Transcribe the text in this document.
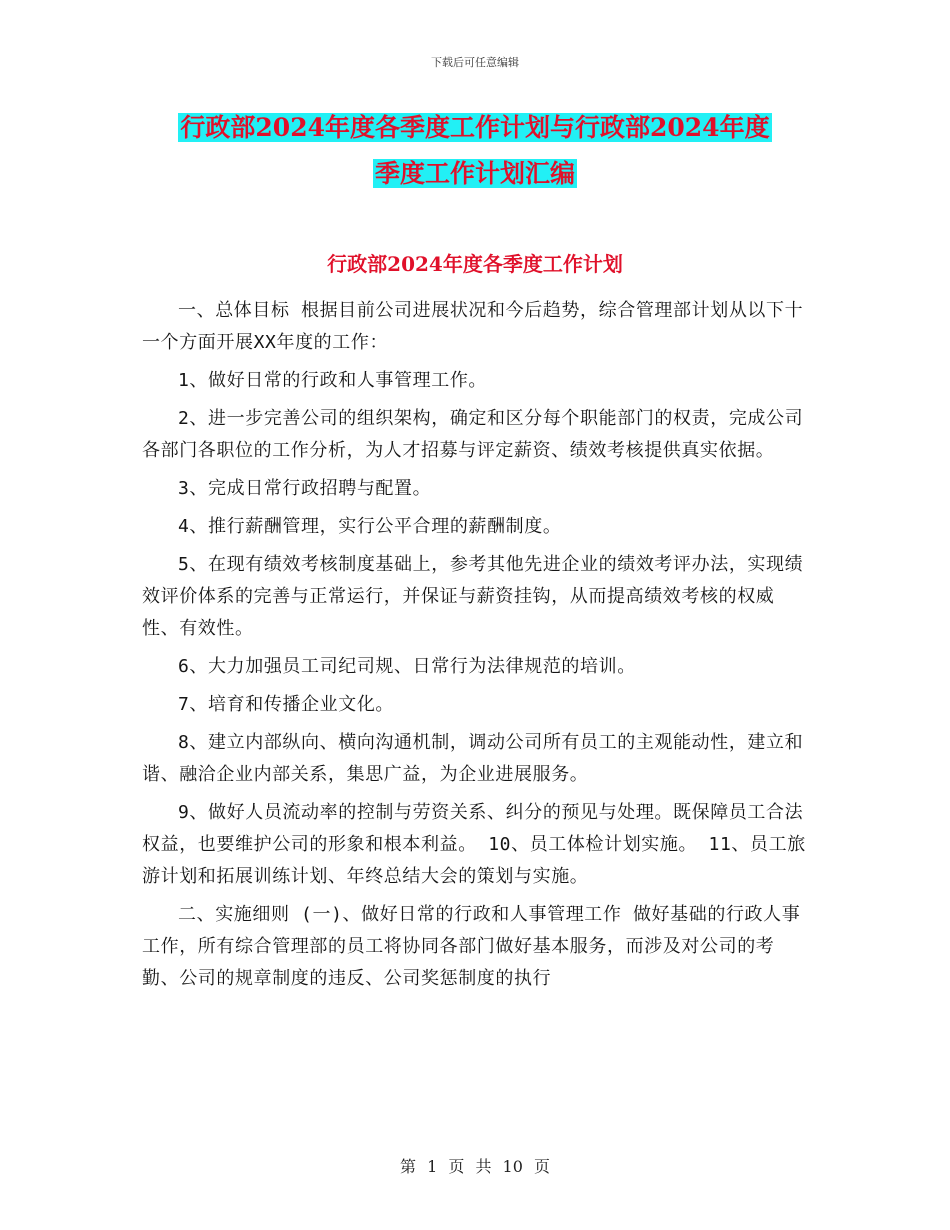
下载后可任意编辑
行政部2024年度各季度工作计划与行政部2024年度
季度工作计划汇编
行政部2024年度各季度工作计划

一、总体目标 根据目前公司进展状况和今后趋势，综合管理部计划从以下十一个方面开展XX年度的工作：

1、做好日常的行政和人事管理工作。

2、进一步完善公司的组织架构，确定和区分每个职能部门的权责，完成公司各部门各职位的工作分析，为人才招募与评定薪资、绩效考核提供真实依据。

3、完成日常行政招聘与配置。

4、推行薪酬管理，实行公平合理的薪酬制度。

5、在现有绩效考核制度基础上，参考其他先进企业的绩效考评办法，实现绩效评价体系的完善与正常运行，并保证与薪资挂钩，从而提高绩效考核的权威性、有效性。

6、大力加强员工司纪司规、日常行为法律规范的培训。

7、培育和传播企业文化。

8、建立内部纵向、横向沟通机制，调动公司所有员工的主观能动性，建立和谐、融洽企业内部关系，集思广益，为企业进展服务。

9、做好人员流动率的控制与劳资关系、纠分的预见与处理。既保障员工合法权益，也要维护公司的形象和根本利益。 10、员工体检计划实施。 11、员工旅游计划和拓展训练计划、年终总结大会的策划与实施。

二、实施细则 (一)、做好日常的行政和人事管理工作 做好基础的行政人事工作，所有综合管理部的员工将协同各部门做好基本服务，而涉及对公司的考勤、公司的规章制度的违反、公司奖惩制度的执行

第 1 页 共 10 页
